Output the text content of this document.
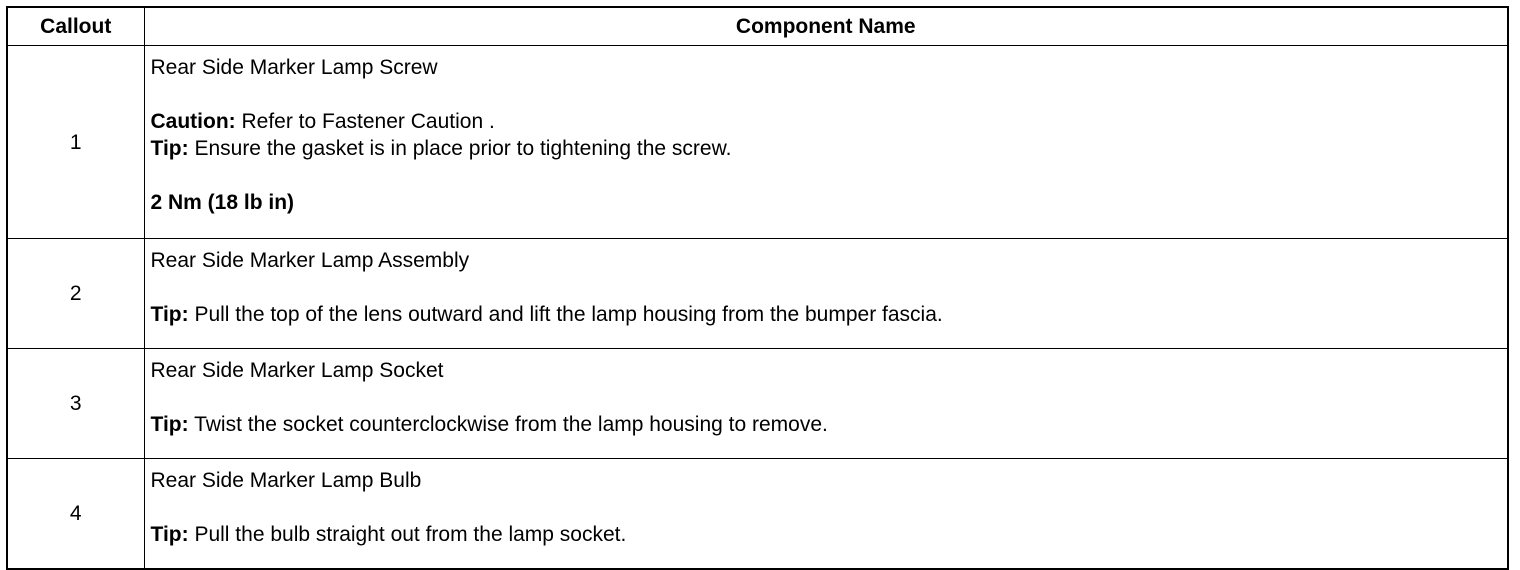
Callout	Component Name
1	Rear Side Marker Lamp Screw
Caution: Refer to Fastener Caution .
Tip: Ensure the gasket is in place prior to tightening the screw.
2 Nm (18 lb in)

2	Rear Side Marker Lamp Assembly
Tip: Pull the top of the lens outward and lift the lamp housing from the bumper fascia.

3	Rear Side Marker Lamp Socket
Tip: Twist the socket counterclockwise from the lamp housing to remove.

4	Rear Side Marker Lamp Bulb
Tip: Pull the bulb straight out from the lamp socket.
